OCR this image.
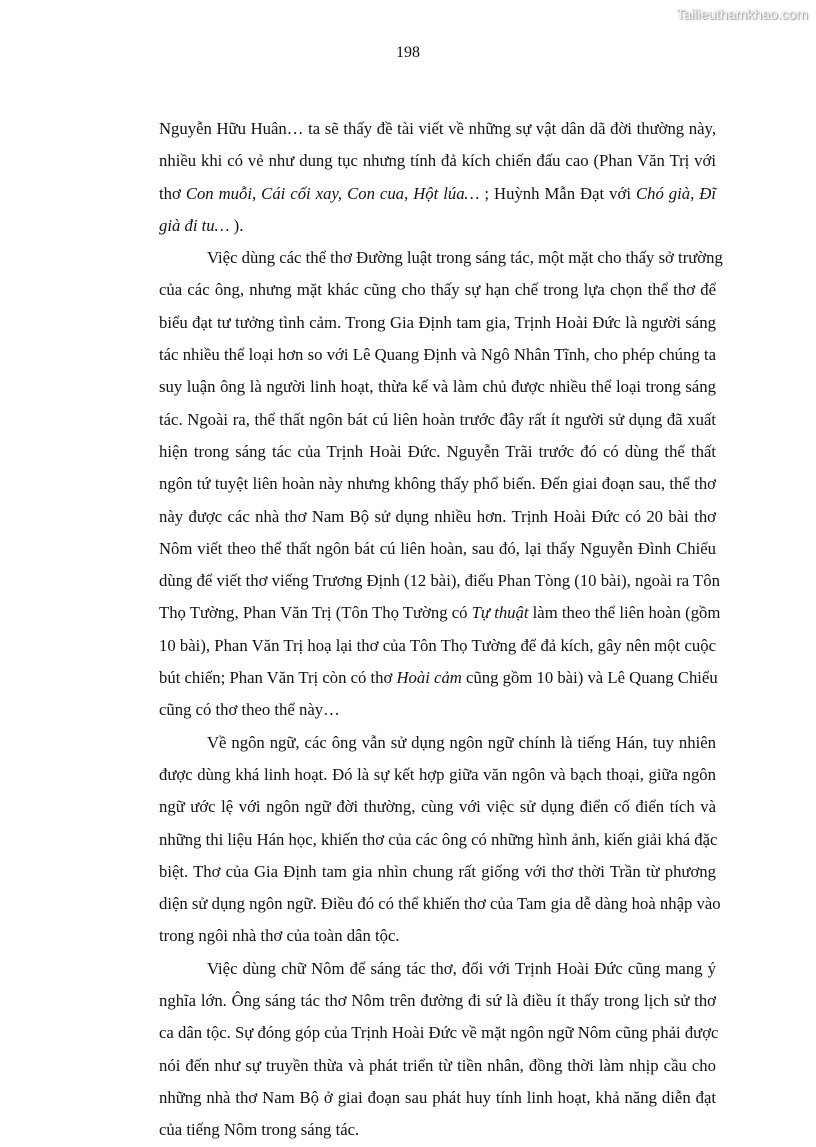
Tailieuthamkhao.com
198
Nguyễn Hữu Huân… ta sẽ thấy đề tài viết về những sự vật dân dã đời thường này,
nhiều khi có vẻ như dung tục nhưng tính đả kích chiến đấu cao (Phan Văn Trị với
thơ Con muỗi, Cái cối xay, Con cua, Hột lúa… ; Huỳnh Mẫn Đạt với Chó già, Đĩ
già đi tu… ).
Việc dùng các thể thơ Đường luật trong sáng tác, một mặt cho thấy sở trường
của các ông, nhưng mặt khác cũng cho thấy sự hạn chế trong lựa chọn thể thơ để
biểu đạt tư tưởng tình cảm. Trong Gia Định tam gia, Trịnh Hoài Đức là người sáng
tác nhiều thể loại hơn so với Lê Quang Định và Ngô Nhân Tĩnh, cho phép chúng ta
suy luận ông là người linh hoạt, thừa kế và làm chủ được nhiều thể loại trong sáng
tác. Ngoài ra, thể thất ngôn bát cú liên hoàn trước đây rất ít người sử dụng đã xuất
hiện trong sáng tác của Trịnh Hoài Đức. Nguyễn Trãi trước đó có dùng thể thất
ngôn tứ tuyệt liên hoàn này nhưng không thấy phổ biến. Đến giai đoạn sau, thể thơ
này được các nhà thơ Nam Bộ sử dụng nhiều hơn. Trịnh Hoài Đức có 20 bài thơ
Nôm viết theo thể thất ngôn bát cú liên hoàn, sau đó, lại thấy Nguyễn Đình Chiểu
dùng để viết thơ viếng Trương Định (12 bài), điếu Phan Tòng (10 bài), ngoài ra Tôn
Thọ Tường, Phan Văn Trị (Tôn Thọ Tường có Tự thuật làm theo thể liên hoàn (gồm
10 bài), Phan Văn Trị hoạ lại thơ của Tôn Thọ Tường để đả kích, gây nên một cuộc
bút chiến; Phan Văn Trị còn có thơ Hoài cảm cũng gồm 10 bài) và Lê Quang Chiểu
cũng có thơ theo thể này…
Về ngôn ngữ, các ông vẫn sử dụng ngôn ngữ chính là tiếng Hán, tuy nhiên
được dùng khá linh hoạt. Đó là sự kết hợp giữa văn ngôn và bạch thoại, giữa ngôn
ngữ ước lệ với ngôn ngữ đời thường, cùng với việc sử dụng điển cố điển tích và
những thi liệu Hán học, khiến thơ của các ông có những hình ảnh, kiến giải khá đặc
biệt. Thơ của Gia Định tam gia nhìn chung rất giống với thơ thời Trần từ phương
diện sử dụng ngôn ngữ. Điều đó có thể khiến thơ của Tam gia dễ dàng hoà nhập vào
trong ngôi nhà thơ của toàn dân tộc.
Việc dùng chữ Nôm để sáng tác thơ, đối với Trịnh Hoài Đức cũng mang ý
nghĩa lớn. Ông sáng tác thơ Nôm trên đường đi sứ là điều ít thấy trong lịch sử thơ
ca dân tộc. Sự đóng góp của Trịnh Hoài Đức về mặt ngôn ngữ Nôm cũng phải được
nói đến như sự truyền thừa và phát triển từ tiền nhân, đồng thời làm nhịp cầu cho
những nhà thơ Nam Bộ ở giai đoạn sau phát huy tính linh hoạt, khả năng diễn đạt
của tiếng Nôm trong sáng tác.
